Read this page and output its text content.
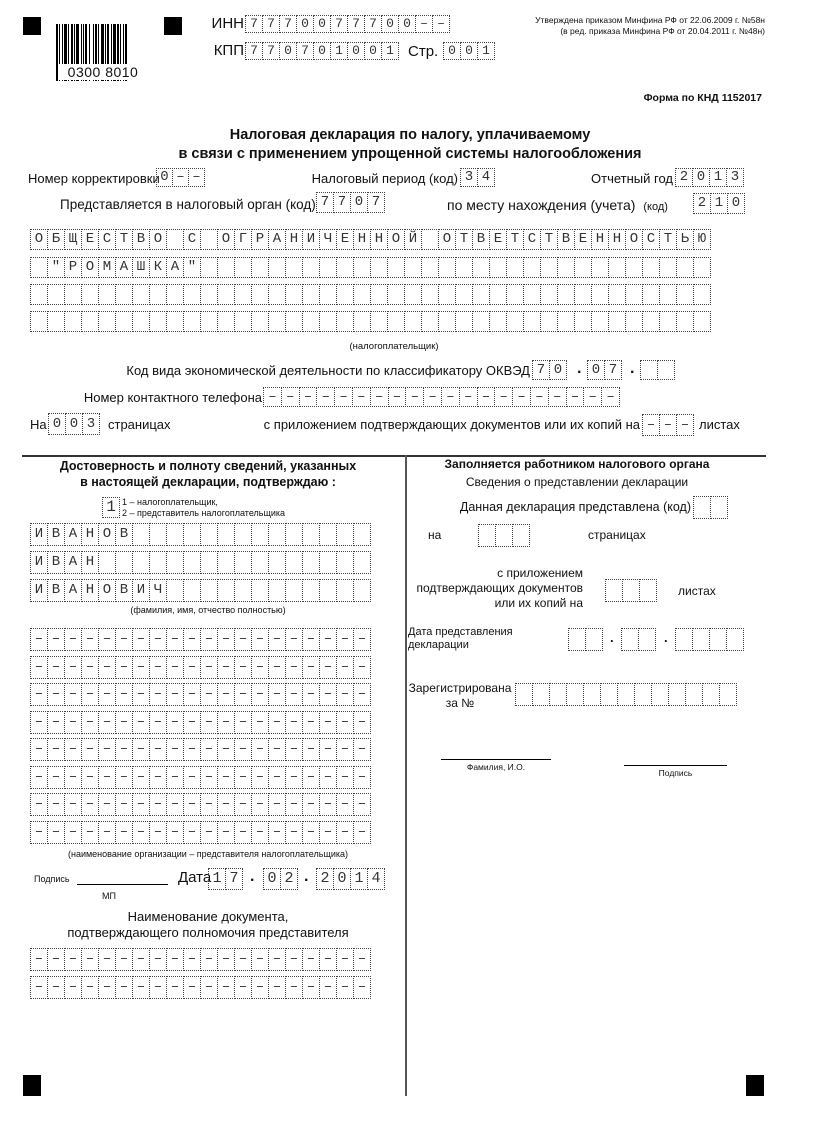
0300 8010
ИНН 7 7 7 0 0 7 7 7 0 0 – –
КПП 7 7 0 7 0 1 0 0 1 Стр. 0 0 1
Утверждена приказом Минфина РФ от 22.06.2009 г. №58н
(в ред. приказа Минфина РФ от 20.04.2011 г. №48н)
Форма по КНД 1152017
Налоговая декларация по налогу, уплачиваемому
в связи с применением упрощенной системы налогообложения
Номер корректировки 0 – –	Налоговый период (код) 3 4	Отчетный год 2 0 1 3
Представляется в налоговый орган (код) 7 7 0 7	по месту нахождения (учета) (код)	2 1 0
О Б Щ Е С Т В О	С	О Г Р А Н И Ч Е Н Н О Й	О Т В Е Т С Т В Е Н Н О С Т Ь Ю
" Р О М А Ш К А "
(налогоплательщик)
Код вида экономической деятельности по классификатору ОКВЭД 7 0 . 0 7 .
Номер контактного телефона – – – – – – – – – – – – – – – – – – – –
На 0 0 3 страницах	с приложением подтверждающих документов или их копий на – – – листах
Достоверность и полноту сведений, указанных
в настоящей декларации, подтверждаю :
1 1 – налогоплательщик,
2 – представитель налогоплательщика
И В А Н О В
И В А Н
И В А Н О В И Ч
(фамилия, имя, отчество полностью)
– – – – – – – – – – – – – – – – – – – –
– – – – – – – – – – – – – – – – – – – –
– – – – – – – – – – – – – – – – – – – –
– – – – – – – – – – – – – – – – – – – –
– – – – – – – – – – – – – – – – – – – –
– – – – – – – – – – – – – – – – – – – –
– – – – – – – – – – – – – – – – – – – –
– – – – – – – – – – – – – – – – – – – –
(наименование организации – представителя налогоплательщика)
Подпись	Дата 1 7 . 0 2 . 2 0 1 4
МП
Наименование документа,
подтверждающего полномочия представителя
– – – – – – – – – – – – – – – – – – – –
– – – – – – – – – – – – – – – – – – – –
Заполняется работником налогового органа
Сведения о представлении декларации
Данная декларация представлена (код)
на	страницах
с приложением
подтверждающих документов
или их копий на
листах
Дата представления
декларации	.	.
Зарегистрирована
за №
Фамилия, И.О.
Подпись
